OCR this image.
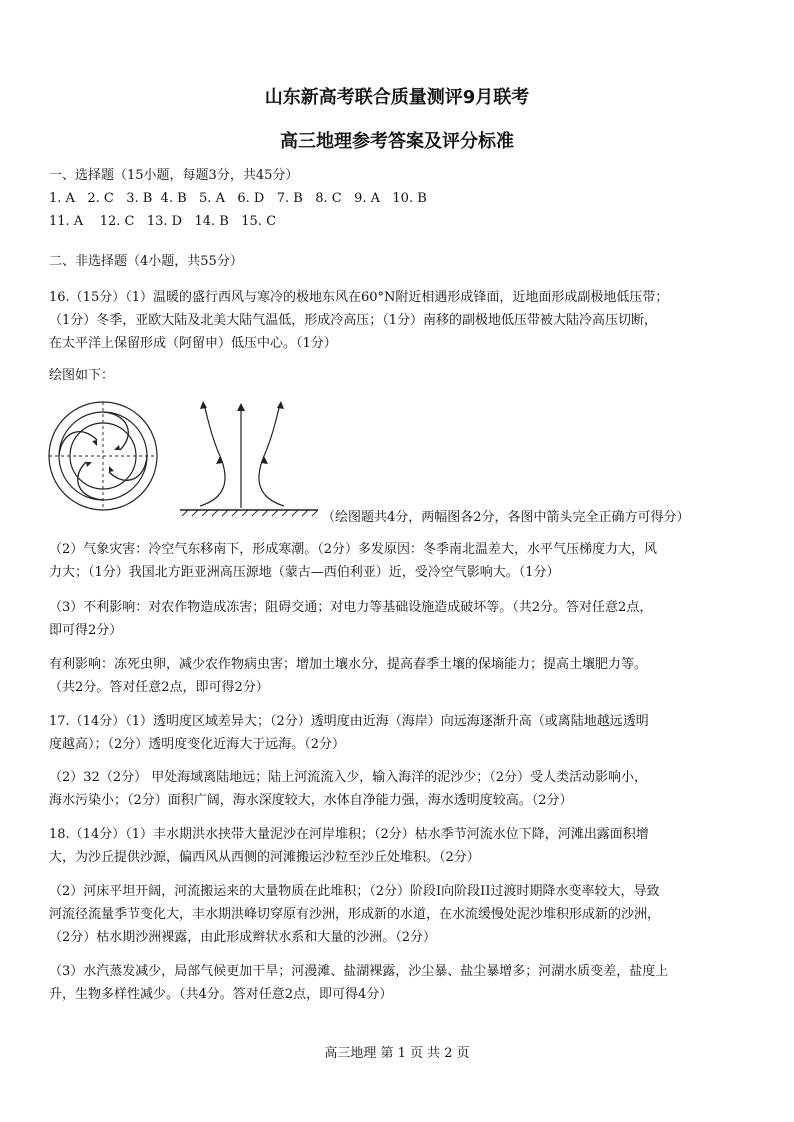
山东新高考联合质量测评9月联考
高三地理参考答案及评分标准
一、选择题（15小题，每题3分，共45分）
1. A   2. C   3. B  4. B   5. A   6. D   7. B   8. C   9. A   10. B
11. A    12. C   13. D   14. B   15. C
二、非选择题（4小题，共55分）
16.（15分）（1）温暖的盛行西风与寒冷的极地东风在60°N附近相遇形成锋面，近地面形成副极地低压带；
（1分）冬季，亚欧大陆及北美大陆气温低，形成冷高压；（1分）南移的副极地低压带被大陆冷高压切断，
在太平洋上保留形成（阿留申）低压中心。（1分）
绘图如下：
（绘图题共4分，两幅图各2分，各图中箭头完全正确方可得分）
（2）气象灾害：冷空气东移南下，形成寒潮。（2分）多发原因：冬季南北温差大，水平气压梯度力大，风
力大；（1分）我国北方距亚洲高压源地（蒙古—西伯利亚）近，受冷空气影响大。（1分）
（3）不利影响：对农作物造成冻害；阻碍交通；对电力等基础设施造成破坏等。（共2分。答对任意2点，
即可得2分）
有利影响：冻死虫卵，减少农作物病虫害；增加土壤水分，提高春季土壤的保墒能力；提高土壤肥力等。
（共2分。答对任意2点，即可得2分）
17.（14分）（1）透明度区域差异大；（2分）透明度由近海（海岸）向远海逐渐升高（或离陆地越远透明
度越高）；（2分）透明度变化近海大于远海。（2分）
（2）32（2分） 甲处海域离陆地远；陆上河流流入少，输入海洋的泥沙少；（2分）受人类活动影响小，
海水污染小；（2分）面积广阔，海水深度较大，水体自净能力强，海水透明度较高。（2分）
18.（14分）（1）丰水期洪水挟带大量泥沙在河岸堆积；（2分）枯水季节河流水位下降，河滩出露面积增
大，为沙丘提供沙源，偏西风从西侧的河滩搬运沙粒至沙丘处堆积。（2分）
（2）河床平坦开阔，河流搬运来的大量物质在此堆积；（2分）阶段I向阶段II过渡时期降水变率较大，导致
河流径流量季节变化大，丰水期洪峰切穿原有沙洲，形成新的水道，在水流缓慢处泥沙堆积形成新的沙洲，
（2分）枯水期沙洲裸露，由此形成辫状水系和大量的沙洲。（2分）
（3）水汽蒸发减少，局部气候更加干旱；河漫滩、盐湖裸露，沙尘暴、盐尘暴增多；河湖水质变差，盐度上
升，生物多样性减少。（共4分。答对任意2点，即可得4分）
高三地理 第 1 页 共 2 页
